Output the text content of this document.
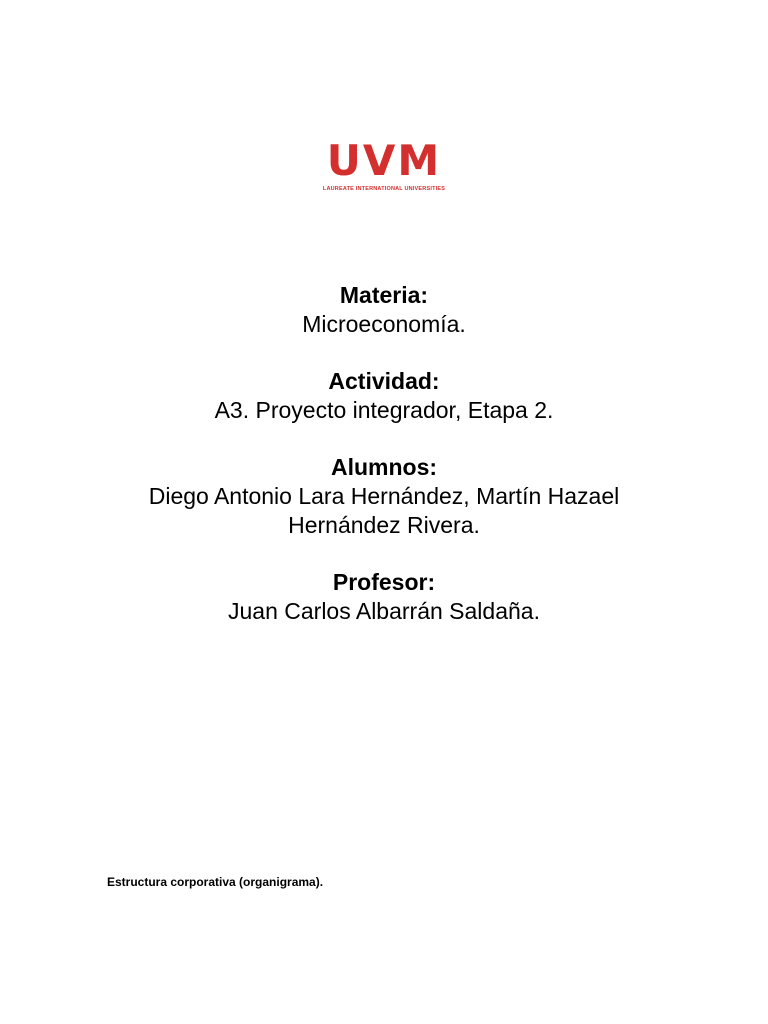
UVM
LAUREATE INTERNATIONAL UNIVERSITIES
Materia:
Microeconomía.
Actividad:
A3. Proyecto integrador, Etapa 2.
Alumnos:
Diego Antonio Lara Hernández, Martín Hazael Hernández Rivera.
Profesor:
Juan Carlos Albarrán Saldaña.
Estructura corporativa (organigrama).
